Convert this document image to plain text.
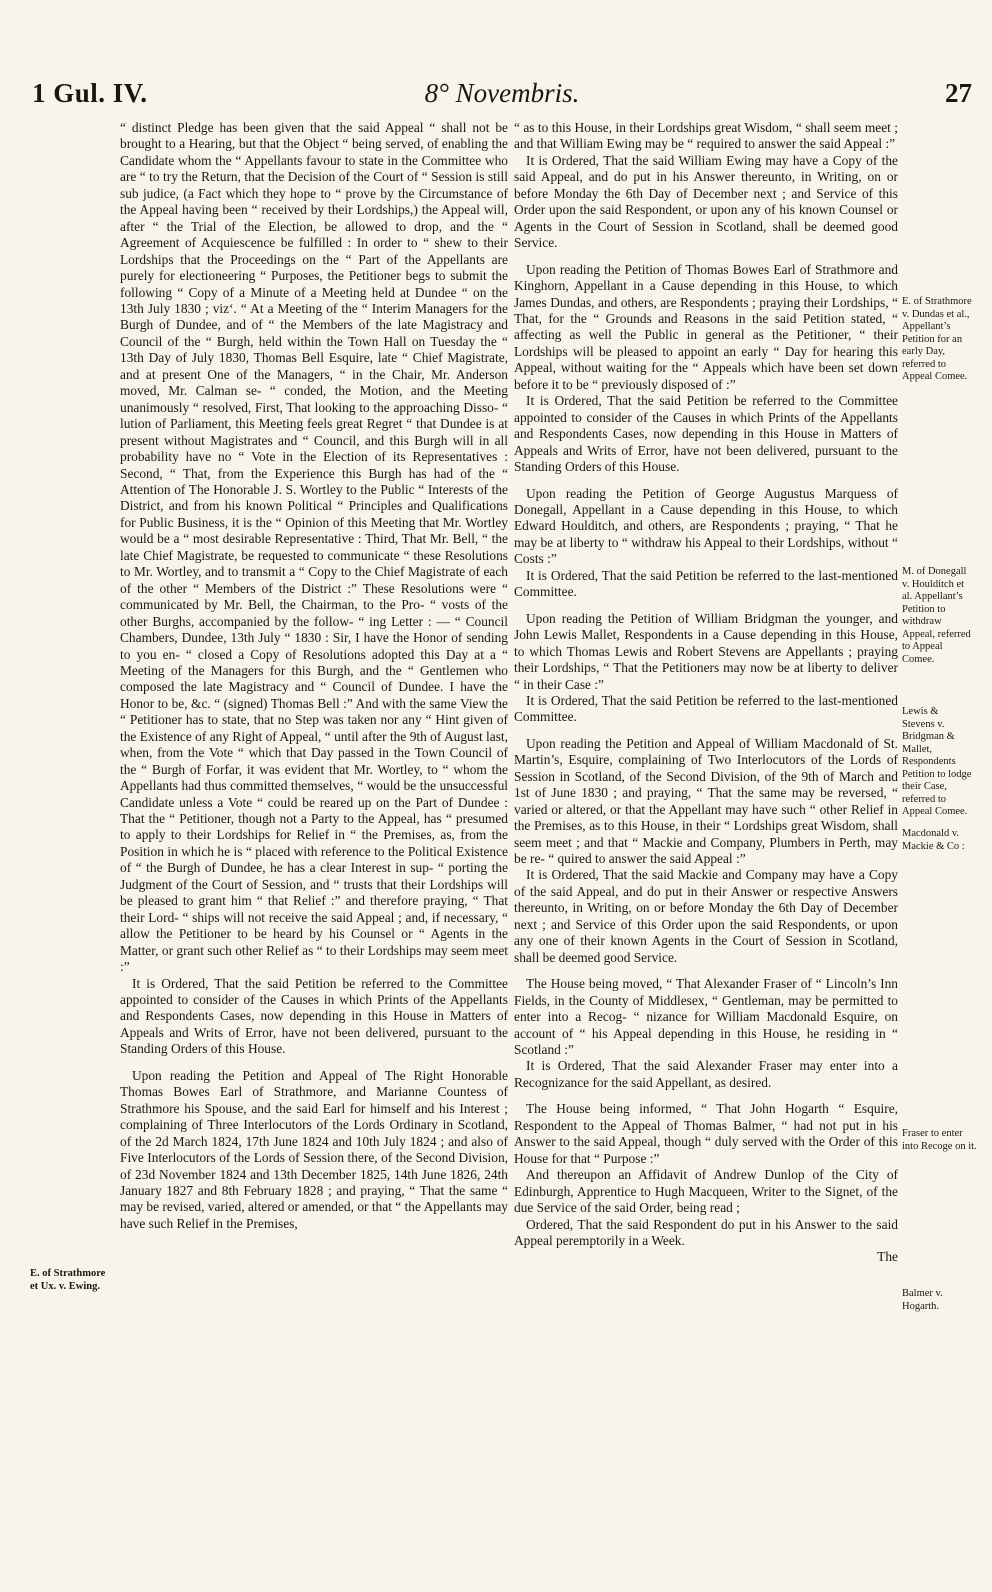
1 Gul. IV.	8° Novembris.	27

“ distinct Pledge has been given that the said Appeal “ shall not be brought to a Hearing, but that the Object “ being served, of enabling the Candidate whom the “ Appellants favour to state in the Committee who are “ to try the Return, that the Decision of the Court of “ Session is still sub judice, (a Fact which they hope to “ prove by the Circumstance of the Appeal having been “ received by their Lordships,) the Appeal will, after “ the Trial of the Election, be allowed to drop, and the “ Agreement of Acquiescence be fulfilled : In order to “ shew to their Lordships that the Proceedings on the “ Part of the Appellants are purely for electioneering “ Purposes, the Petitioner begs to submit the following “ Copy of a Minute of a Meeting held at Dundee “ on the 13th July 1830 ; viz‘. “ At a Meeting of the “ Interim Managers for the Burgh of Dundee, and of “ the Members of the late Magistracy and Council of the “ Burgh, held within the Town Hall on Tuesday the “ 13th Day of July 1830, Thomas Bell Esquire, late “ Chief Magistrate, and at present One of the Managers, “ in the Chair, Mr. Anderson moved, Mr. Calman se- “ conded, the Motion, and the Meeting unanimously “ resolved, First, That looking to the approaching Disso- “ lution of Parliament, this Meeting feels great Regret “ that Dundee is at present without Magistrates and “ Council, and this Burgh will in all probability have no “ Vote in the Election of its Representatives : Second, “ That, from the Experience this Burgh has had of the “ Attention of The Honorable J. S. Wortley to the Public “ Interests of the District, and from his known Political “ Principles and Qualifications for Public Business, it is the “ Opinion of this Meeting that Mr. Wortley would be a “ most desirable Representative : Third, That Mr. Bell, “ the late Chief Magistrate, be requested to communicate “ these Resolutions to Mr. Wortley, and to transmit a “ Copy to the Chief Magistrate of each of the other “ Members of the District :” These Resolutions were “ communicated by Mr. Bell, the Chairman, to the Pro- “ vosts of the other Burghs, accompanied by the follow- “ ing Letter : — “ Council Chambers, Dundee, 13th July “ 1830 : Sir, I have the Honor of sending to you en- “ closed a Copy of Resolutions adopted this Day at a “ Meeting of the Managers for this Burgh, and the “ Gentlemen who composed the late Magistracy and “ Council of Dundee. I have the Honor to be, &c. “ (signed) Thomas Bell :” And with the same View the “ Petitioner has to state, that no Step was taken nor any “ Hint given of the Existence of any Right of Appeal, “ until after the 9th of August last, when, from the Vote “ which that Day passed in the Town Council of the “ Burgh of Forfar, it was evident that Mr. Wortley, to “ whom the Appellants had thus committed themselves, “ would be the unsuccessful Candidate unless a Vote “ could be reared up on the Part of Dundee : That the “ Petitioner, though not a Party to the Appeal, has “ presumed to apply to their Lordships for Relief in “ the Premises, as, from the Position in which he is “ placed with reference to the Political Existence of “ the Burgh of Dundee, he has a clear Interest in sup- “ porting the Judgment of the Court of Session, and “ trusts that their Lordships will be pleased to grant him “ that Relief :” and therefore praying, “ That their Lord- “ ships will not receive the said Appeal ; and, if necessary, “ allow the Petitioner to be heard by his Counsel or “ Agents in the Matter, or grant such other Relief as “ to their Lordships may seem meet :”

It is Ordered, That the said Petition be referred to the Committee appointed to consider of the Causes in which Prints of the Appellants and Respondents Cases, now depending in this House in Matters of Appeals and Writs of Error, have not been delivered, pursuant to the Standing Orders of this House.

Upon reading the Petition and Appeal of The Right Honorable Thomas Bowes Earl of Strathmore, and Marianne Countess of Strathmore his Spouse, and the said Earl for himself and his Interest ; complaining of Three Interlocutors of the Lords Ordinary in Scotland, of the 2d March 1824, 17th June 1824 and 10th July 1824 ; and also of Five Interlocutors of the Lords of Session there, of the Second Division, of 23d November 1824 and 13th December 1825, 14th June 1826, 24th January 1827 and 8th February 1828 ; and praying, “ That the same “ may be revised, varied, altered or amended, or that “ the Appellants may have such Relief in the Premises,

“ as to this House, in their Lordships great Wisdom, “ shall seem meet ; and that William Ewing may be “ required to answer the said Appeal :”

It is Ordered, That the said William Ewing may have a Copy of the said Appeal, and do put in his Answer thereunto, in Writing, on or before Monday the 6th Day of December next ; and Service of this Order upon the said Respondent, or upon any of his known Counsel or Agents in the Court of Session in Scotland, shall be deemed good Service.

Upon reading the Petition of Thomas Bowes Earl of Strathmore and Kinghorn, Appellant in a Cause depending in this House, to which James Dundas, and others, are Respondents ; praying their Lordships, “ That, for the “ Grounds and Reasons in the said Petition stated, “ affecting as well the Public in general as the Petitioner, “ their Lordships will be pleased to appoint an early “ Day for hearing this Appeal, without waiting for the “ Appeals which have been set down before it to be “ previously disposed of :”

It is Ordered, That the said Petition be referred to the Committee appointed to consider of the Causes in which Prints of the Appellants and Respondents Cases, now depending in this House in Matters of Appeals and Writs of Error, have not been delivered, pursuant to the Standing Orders of this House.

Upon reading the Petition of George Augustus Marquess of Donegall, Appellant in a Cause depending in this House, to which Edward Houlditch, and others, are Respondents ; praying, “ That he may be at liberty to “ withdraw his Appeal to their Lordships, without “ Costs :”

It is Ordered, That the said Petition be referred to the last-mentioned Committee.

Upon reading the Petition of William Bridgman the younger, and John Lewis Mallet, Respondents in a Cause depending in this House, to which Thomas Lewis and Robert Stevens are Appellants ; praying their Lordships, “ That the Petitioners may now be at liberty to deliver “ in their Case :”

It is Ordered, That the said Petition be referred to the last-mentioned Committee.

Upon reading the Petition and Appeal of William Macdonald of St. Martin’s, Esquire, complaining of Two Interlocutors of the Lords of Session in Scotland, of the Second Division, of the 9th of March and 1st of June 1830 ; and praying, “ That the same may be reversed, “ varied or altered, or that the Appellant may have such “ other Relief in the Premises, as to this House, in their “ Lordships great Wisdom, shall seem meet ; and that “ Mackie and Company, Plumbers in Perth, may be re- “ quired to answer the said Appeal :”

It is Ordered, That the said Mackie and Company may have a Copy of the said Appeal, and do put in their Answer or respective Answers thereunto, in Writing, on or before Monday the 6th Day of December next ; and Service of this Order upon the said Respondents, or upon any one of their known Agents in the Court of Session in Scotland, shall be deemed good Service.

The House being moved, “ That Alexander Fraser of “ Lincoln’s Inn Fields, in the County of Middlesex, “ Gentleman, may be permitted to enter into a Recog- “ nizance for William Macdonald Esquire, on account of “ his Appeal depending in this House, he residing in “ Scotland :”

It is Ordered, That the said Alexander Fraser may enter into a Recognizance for the said Appellant, as desired.

The House being informed, “ That John Hogarth “ Esquire, Respondent to the Appeal of Thomas Balmer, “ had not put in his Answer to the said Appeal, though “ duly served with the Order of this House for that “ Purpose :”

And thereupon an Affidavit of Andrew Dunlop of the City of Edinburgh, Apprentice to Hugh Macqueen, Writer to the Signet, of the due Service of the said Order, being read ;

Ordered, That the said Respondent do put in his Answer to the said Appeal peremptorily in a Week.

The

E. of Strathmore et Ux. v. Ewing.
E. of Strathmore v. Dundas et al., Appellant’s Petition for an early Day, referred to Appeal Comee.
M. of Donegall v. Houlditch et al. Appellant’s Petition to withdraw Appeal, referred to Appeal Comee.
Lewis & Stevens v. Bridgman & Mallet, Respondents Petition to lodge their Case, referred to Appeal Comee.
Macdonald v. Mackie & Co :
Fraser to enter into Recoge on it.
Balmer v. Hogarth.
